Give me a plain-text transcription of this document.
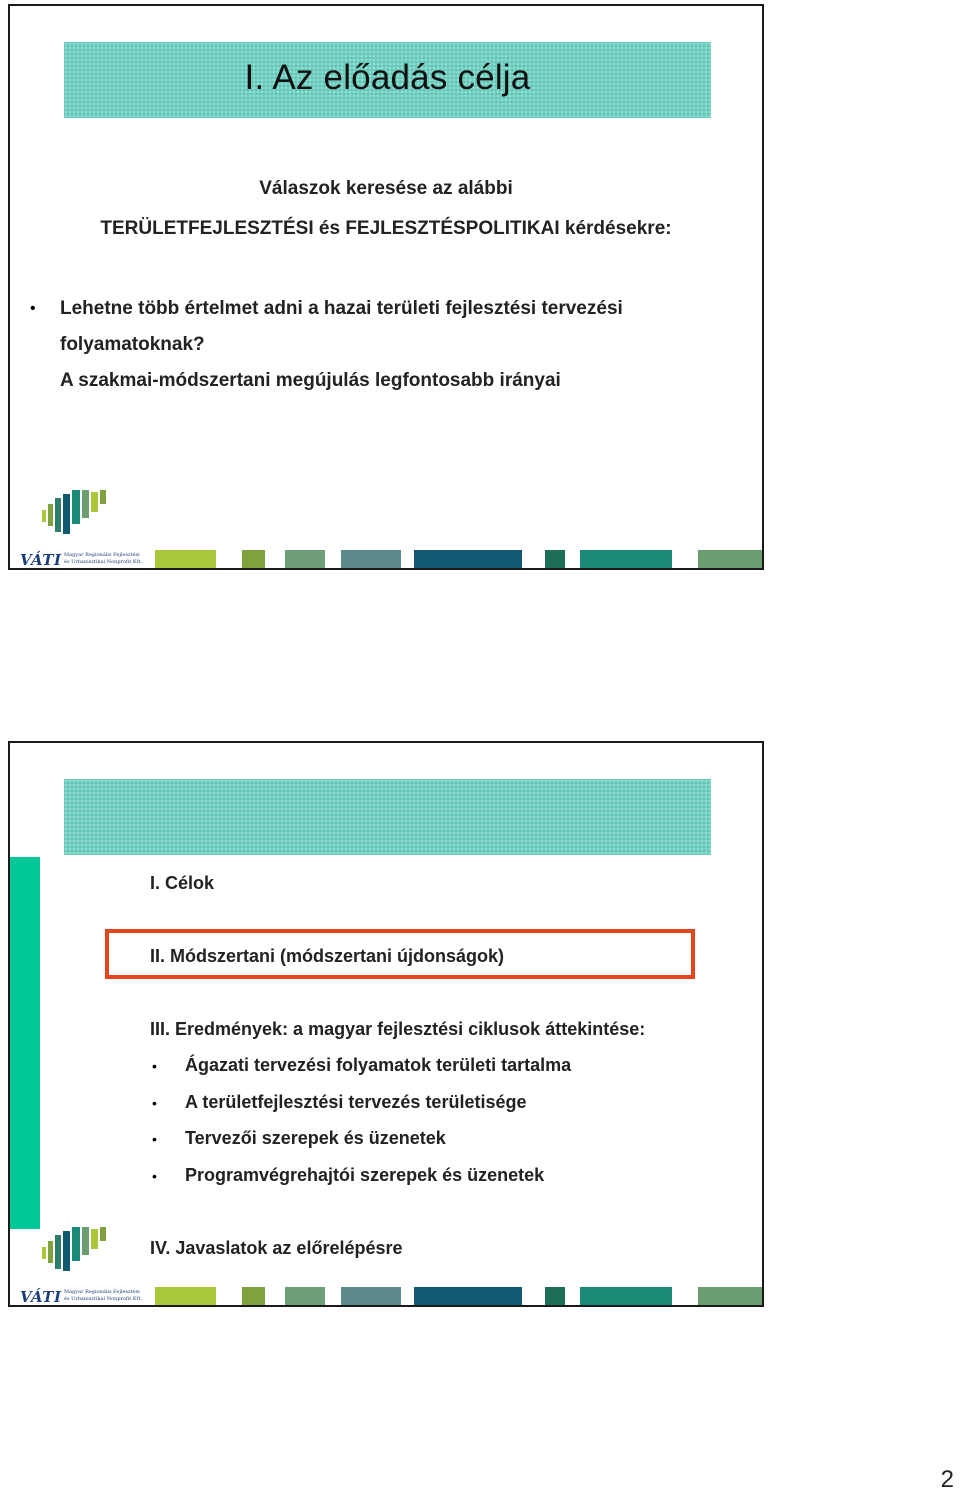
I. Az előadás célja
Válaszok keresése az alábbi
TERÜLETFEJLESZTÉSI és FEJLESZTÉSPOLITIKAI kérdésekre:
• Lehetne több értelmet adni a hazai területi fejlesztési tervezési
folyamatoknak?
A szakmai-módszertani megújulás legfontosabb irányai
VÁTI Magyar Regionális Fejlesztési
és Urbanisztikai Nonprofit Kft.
I. Célok
II. Módszertani (módszertani újdonságok)
III. Eredmények: a magyar fejlesztési ciklusok áttekintése:
• Ágazati tervezési folyamatok területi tartalma
• A területfejlesztési tervezés területisége
• Tervezői szerepek és üzenetek
• Programvégrehajtói szerepek és üzenetek
IV. Javaslatok az előrelépésre
VÁTI Magyar Regionális Fejlesztési
és Urbanisztikai Nonprofit Kft.
2
